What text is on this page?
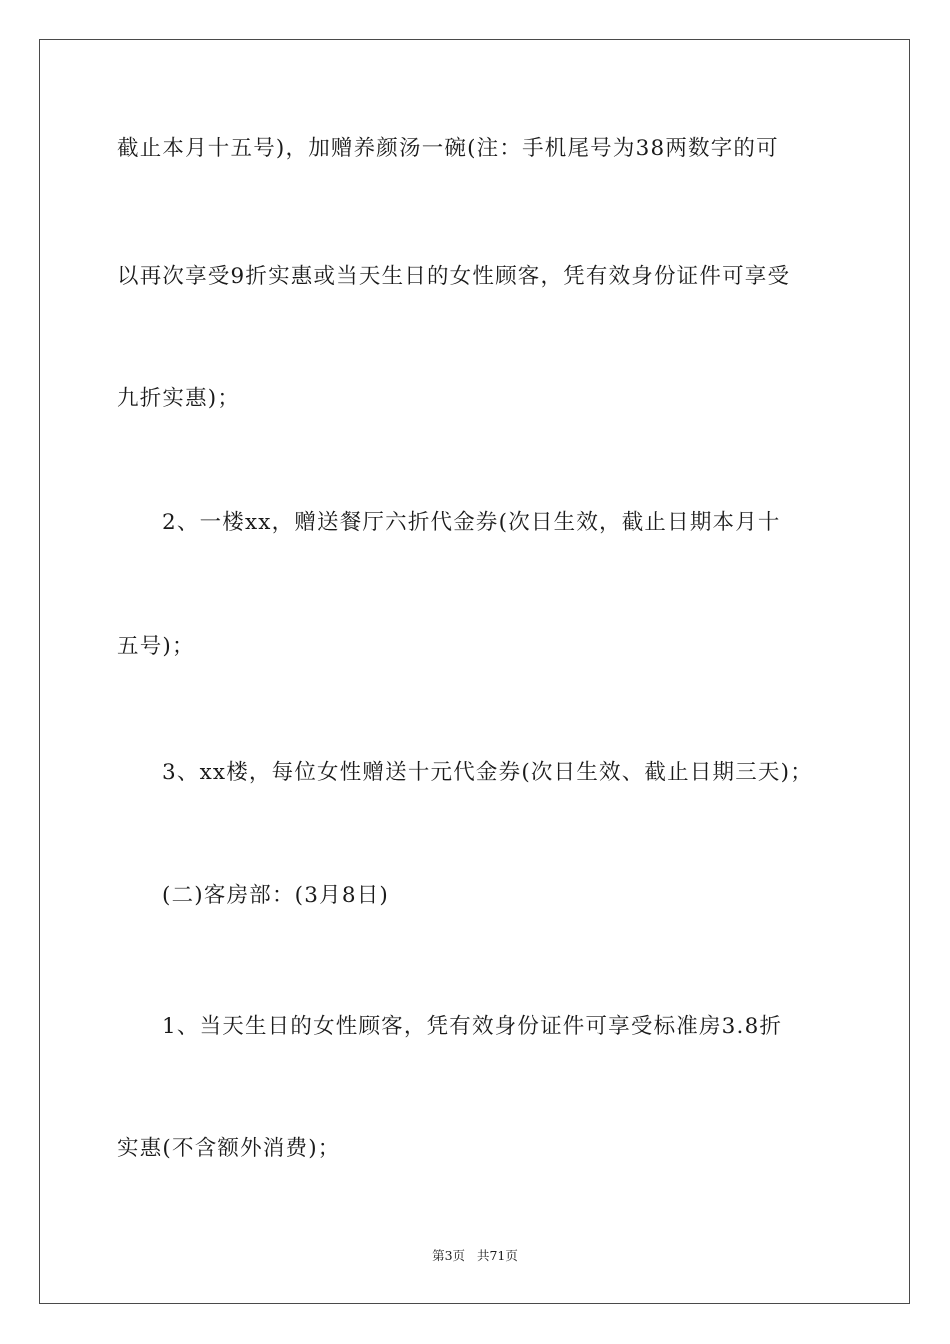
截止本月十五号)，加赠养颜汤一碗(注：手机尾号为38两数字的可
以再次享受9折实惠或当天生日的女性顾客，凭有效身份证件可享受
九折实惠)；
2、一楼xx，赠送餐厅六折代金券(次日生效，截止日期本月十
五号)；
3、xx楼，每位女性赠送十元代金券(次日生效、截止日期三天)；
(二)客房部：(3月8日)
1、当天生日的女性顾客，凭有效身份证件可享受标准房3.8折
实惠(不含额外消费)；
第3页 共71页
